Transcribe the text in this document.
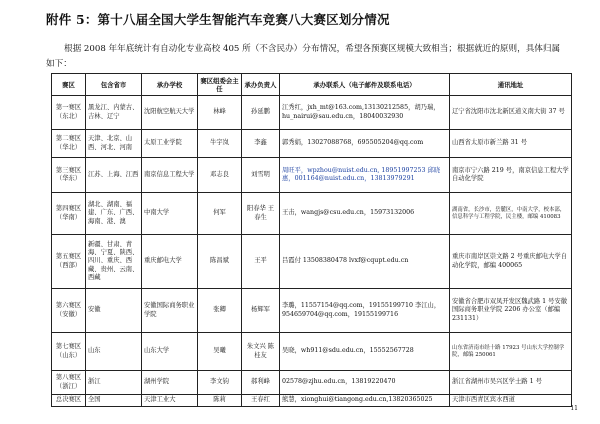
附件 5：第十八届全国大学生智能汽车竞赛八大赛区划分情况
根据 2008 年年底统计有自动化专业高校 405 所（不含民办）分布情况，希望各预赛区规模大致相当；根据就近的原则，具体归属
如下：
赛区	包含省市	承办学校	赛区组委会主任	承办负责人	承办联系人（电子邮件及联系电话）	通讯地址
第一赛区（东北）	黑龙江、内蒙古、吉林、辽宁	沈阳航空航天大学	林峰	孙延鹏	江秀红，jxh_mt@163.com,13130212585，胡乃瑞，hu_nairui@sau.edu.cn，18040032930	辽宁省沈阳市沈北新区道义南大街 37 号
第二赛区（华北）	天津、北京、山西、河北、河南	太原工业学院	牛宇岚	李鑫	郭秀娟，13027088768，695505204@qq.com	山西省太原市新兰路 31 号
第三赛区（华东）	江苏、上海、江西	南京信息工程大学	邓志良	刘雪明	周旺平，wpzhou@nuist.edu.cn, 18951997253 邱晓惠，001164@nuist.edu.cn，13813979291	南京市宁六路 219 号，南京信息工程大学自动化学院
第四赛区（华南）	湖北、湖南、福建、广东、广西、海南、港、澳	中南大学	何军	阳春华 王春生	王击，wangjs@csu.edu.cn，15973132006	湖南省，长沙市，岳麓区，中南大学，校本部，信息科学与工程学院，民主楼，邮编 410083
第五赛区（西部）	新疆、甘肃、青海、宁夏、陕西、四川、重庆、西藏、贵州、云南、西藏	重庆邮电大学	陈昌斌	王平	吕霞付 13508380478 lvxf@cqupt.edu.cn	重庆市南岸区崇文路 2 号重庆邮电大学自动化学院，邮编 400065
第六赛区（安徽）	安徽	安徽国际商务职业学院	张卿	杨辉军	李璐，11557154@qq.com，19155199710 李江山，954659704@qq.com，19155199716	安徽省合肥市双凤开发区魏武路 1 号安徽国际商务职业学院 2206 办公室（邮编 231131）
第七赛区（山东）	山东	山东大学	吴曦	朱文兴 陈桂友	吴晓，wh911@sdu.edu.cn，15552567728	山东省济南市经十路 17923 号山东大学控制学院，邮编 250061
第八赛区（浙江）	浙江	湖州学院	李文钧	郝利峰	02578@zjhu.edu.cn，13819220470	浙江省湖州市吴兴区学士路 1 号
总决赛区	全国	天津工业大	陈莉	王春红	熊慧，xionghui@tiangong.edu.cn,13820365025	天津市西青区宾水西道
11
